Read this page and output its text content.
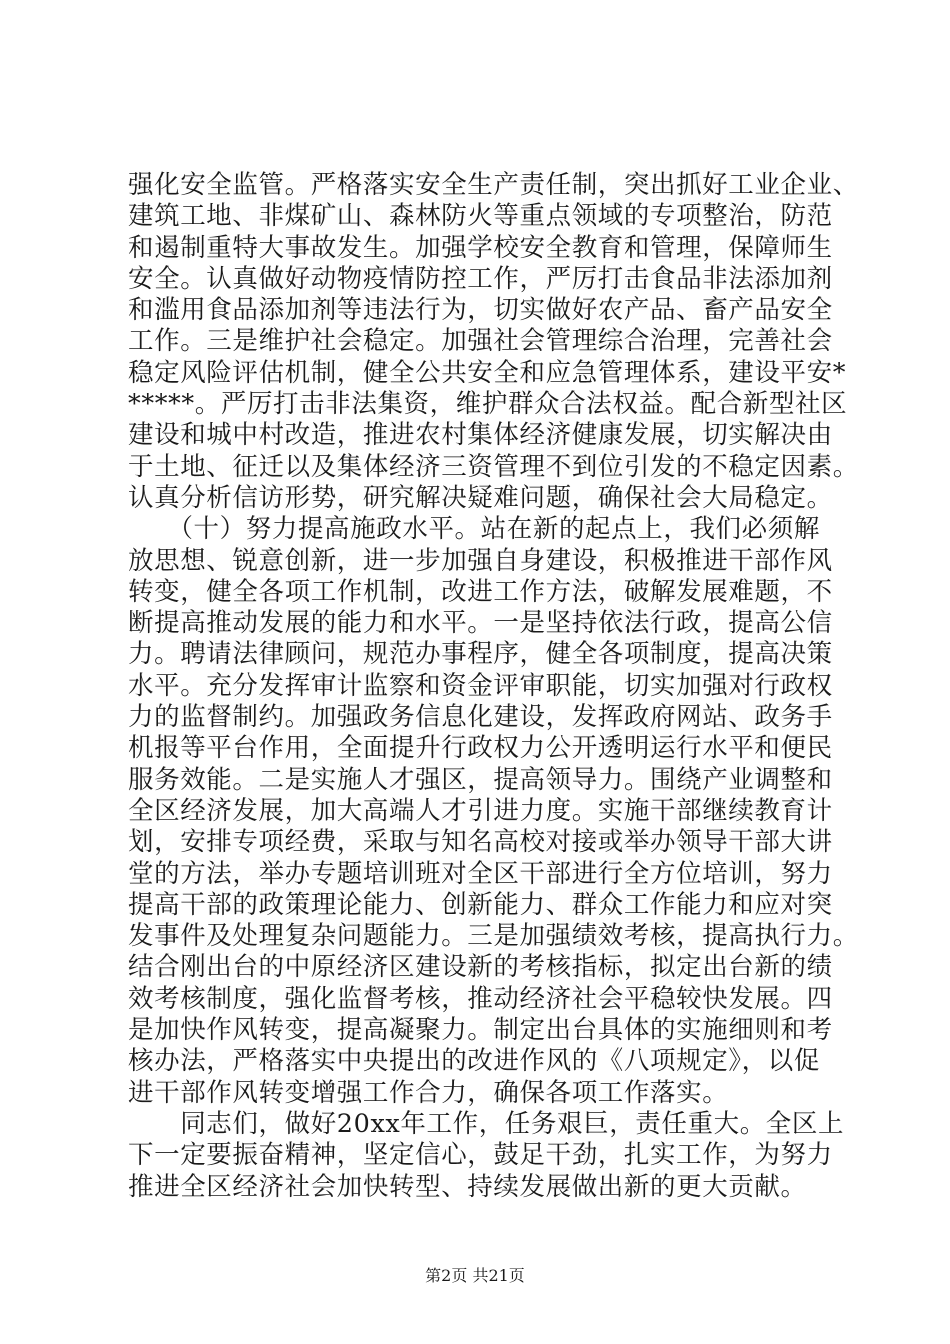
强化安全监管。严格落实安全生产责任制，突出抓好工业企业、
建筑工地、非煤矿山、森林防火等重点领域的专项整治，防范
和遏制重特大事故发生。加强学校安全教育和管理，保障师生
安全。认真做好动物疫情防控工作，严厉打击食品非法添加剂
和滥用食品添加剂等违法行为，切实做好农产品、畜产品安全
工作。三是维护社会稳定。加强社会管理综合治理，完善社会
稳定风险评估机制，健全公共安全和应急管理体系，建设平安*
*****。严厉打击非法集资，维护群众合法权益。配合新型社区
建设和城中村改造，推进农村集体经济健康发展，切实解决由
于土地、征迁以及集体经济三资管理不到位引发的不稳定因素。
认真分析信访形势，研究解决疑难问题，确保社会大局稳定。
　　（十）努力提高施政水平。站在新的起点上，我们必须解
放思想、锐意创新，进一步加强自身建设，积极推进干部作风
转变，健全各项工作机制，改进工作方法，破解发展难题，不
断提高推动发展的能力和水平。一是坚持依法行政，提高公信
力。聘请法律顾问，规范办事程序，健全各项制度，提高决策
水平。充分发挥审计监察和资金评审职能，切实加强对行政权
力的监督制约。加强政务信息化建设，发挥政府网站、政务手
机报等平台作用，全面提升行政权力公开透明运行水平和便民
服务效能。二是实施人才强区，提高领导力。围绕产业调整和
全区经济发展，加大高端人才引进力度。实施干部继续教育计
划，安排专项经费，采取与知名高校对接或举办领导干部大讲
堂的方法，举办专题培训班对全区干部进行全方位培训，努力
提高干部的政策理论能力、创新能力、群众工作能力和应对突
发事件及处理复杂问题能力。三是加强绩效考核，提高执行力。
结合刚出台的中原经济区建设新的考核指标，拟定出台新的绩
效考核制度，强化监督考核，推动经济社会平稳较快发展。四
是加快作风转变，提高凝聚力。制定出台具体的实施细则和考
核办法，严格落实中央提出的改进作风的《八项规定》，以促
进干部作风转变增强工作合力，确保各项工作落实。
　　同志们，做好20xx年工作，任务艰巨，责任重大。全区上
下一定要振奋精神，坚定信心，鼓足干劲，扎实工作，为努力
推进全区经济社会加快转型、持续发展做出新的更大贡献。
第2页 共21页
